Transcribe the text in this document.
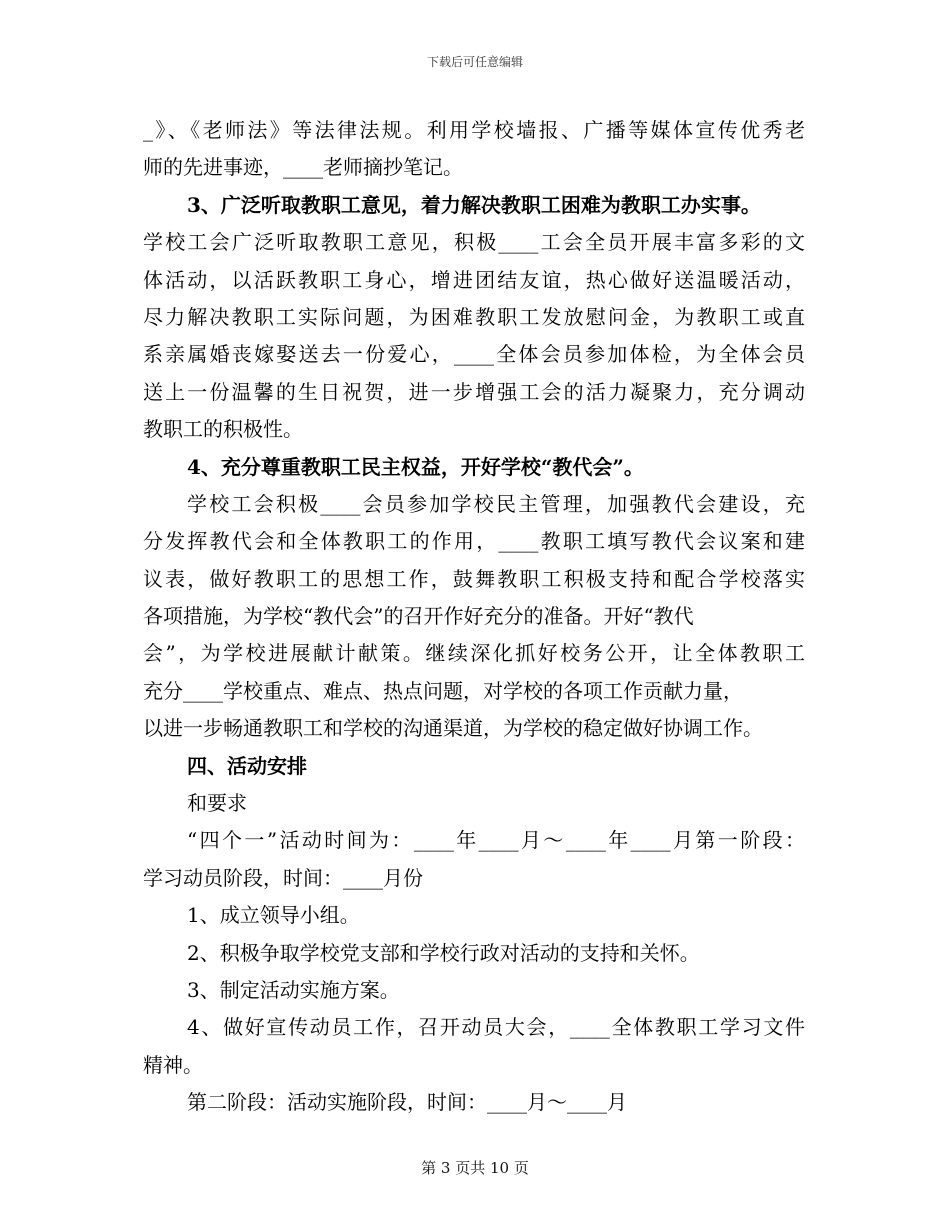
下载后可任意编辑
_》、《老师法》等法律法规。利用学校墙报、广播等媒体宣传优秀老
师的先进事迹，____老师摘抄笔记。
3、广泛听取教职工意见，着力解决教职工困难为教职工办实事。
学校工会广泛听取教职工意见，积极____工会全员开展丰富多彩的文
体活动，以活跃教职工身心，增进团结友谊，热心做好送温暖活动，
尽力解决教职工实际问题，为困难教职工发放慰问金，为教职工或直
系亲属婚丧嫁娶送去一份爱心，____全体会员参加体检，为全体会员
送上一份温馨的生日祝贺，进一步增强工会的活力凝聚力，充分调动
教职工的积极性。
4、充分尊重教职工民主权益，开好学校“教代会”。
学校工会积极____会员参加学校民主管理，加强教代会建设，充
分发挥教代会和全体教职工的作用，____教职工填写教代会议案和建
议表，做好教职工的思想工作，鼓舞教职工积极支持和配合学校落实
各项措施，为学校“教代会”的召开作好充分的准备。开好“教代
会”，为学校进展献计献策。继续深化抓好校务公开，让全体教职工
充分____学校重点、难点、热点问题，对学校的各项工作贡献力量，
以进一步畅通教职工和学校的沟通渠道，为学校的稳定做好协调工作。
四、活动安排
和要求
“四个一”活动时间为：____年____月～____年____月第一阶段：
学习动员阶段，时间：____月份
1、成立领导小组。
2、积极争取学校党支部和学校行政对活动的支持和关怀。
3、制定活动实施方案。
4、做好宣传动员工作，召开动员大会，____全体教职工学习文件
精神。
第二阶段：活动实施阶段，时间：____月～____月
第 3 页共 10 页
